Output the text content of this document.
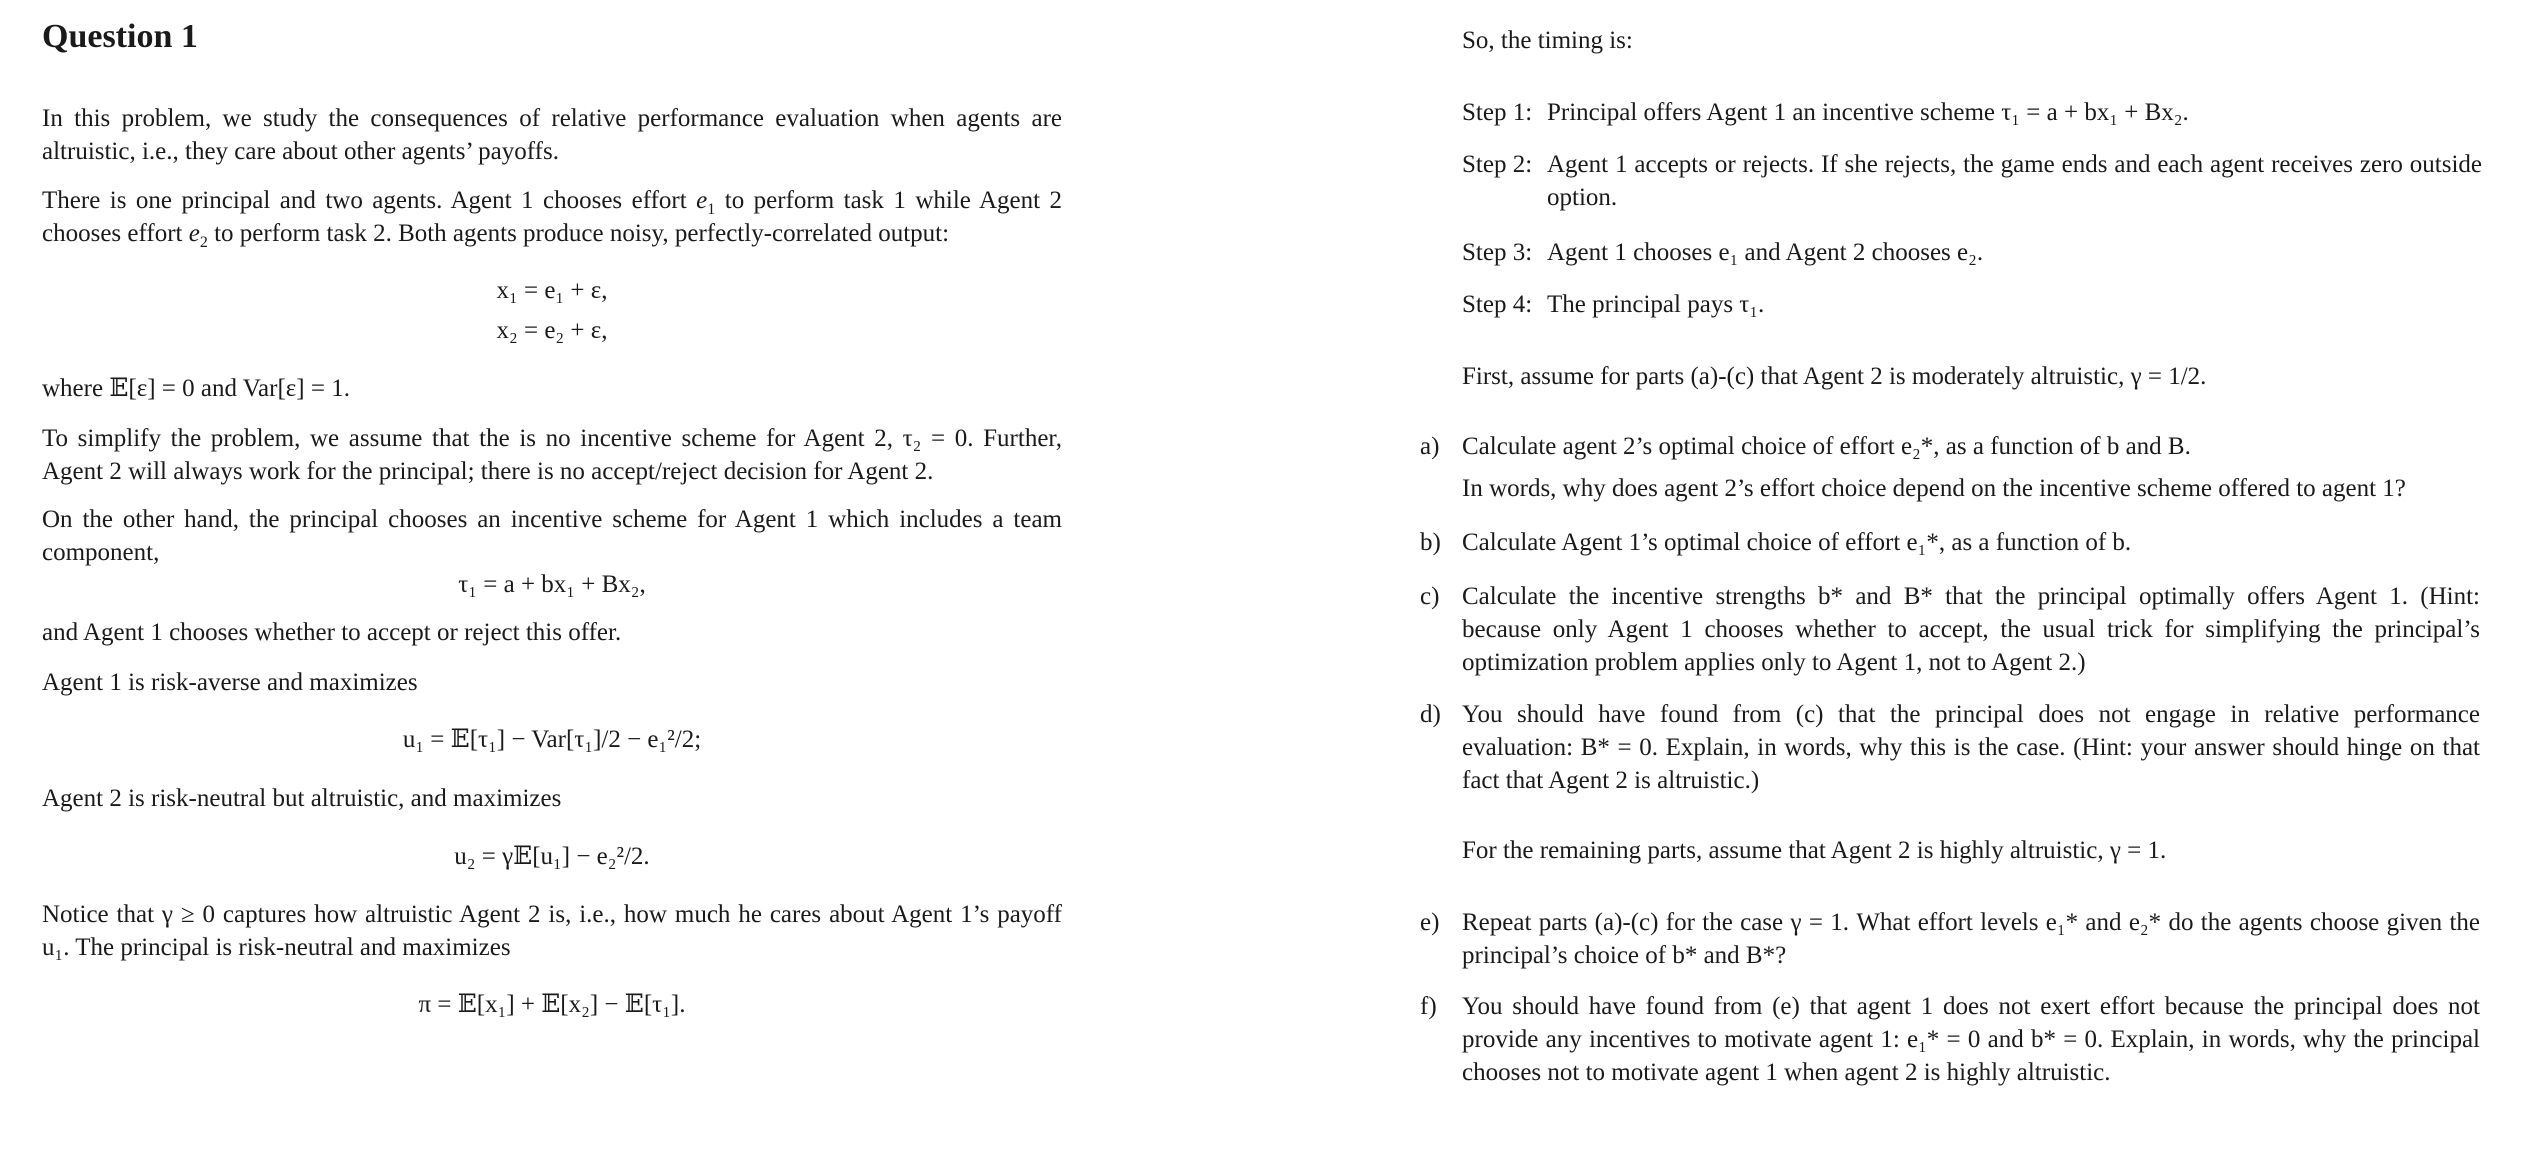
Question 1

In this problem, we study the consequences of relative performance evaluation when agents are altruistic, i.e., they care about other agents’ payoffs.

There is one principal and two agents. Agent 1 chooses effort $e_1$ to perform task 1 while Agent 2 chooses effort $e_2$ to perform task 2. Both agents produce noisy, perfectly-correlated output:

x₁ = e₁ + ε,

x₂ = e₂ + ε,

where 𝔼[ε] = 0 and Var[ε] = 1.

To simplify the problem, we assume that the is no incentive scheme for Agent 2, τ₂ = 0. Further, Agent 2 will always work for the principal; there is no accept/reject decision for Agent 2.

On the other hand, the principal chooses an incentive scheme for Agent 1 which includes a team component,

τ₁ = a + bx₁ + Bx₂,

and Agent 1 chooses whether to accept or reject this offer.

Agent 1 is risk-averse and maximizes

u₁ = 𝔼[τ₁] − Var[τ₁]/2 − e₁²/2;

Agent 2 is risk-neutral but altruistic, and maximizes

u₂ = γ𝔼[u₁] − e₂²/2.

Notice that γ ≥ 0 captures how altruistic Agent 2 is, i.e., how much he cares about Agent 1’s payoff u₁. The principal is risk-neutral and maximizes

π = 𝔼[x₁] + 𝔼[x₂] − 𝔼[τ₁].

So, the timing is:

Step 1: Principal offers Agent 1 an incentive scheme τ₁ = a + bx₁ + Bx₂.
Step 2: Agent 1 accepts or rejects. If she rejects, the game ends and each agent receives zero outside option.
Step 3: Agent 1 chooses e₁ and Agent 2 chooses e₂.
Step 4: The principal pays τ₁.

First, assume for parts (a)-(c) that Agent 2 is moderately altruistic, γ = 1/2.

a) Calculate agent 2’s optimal choice of effort e₂*, as a function of b and B.
In words, why does agent 2’s effort choice depend on the incentive scheme offered to agent 1?
b) Calculate Agent 1’s optimal choice of effort e₁*, as a function of b.
c) Calculate the incentive strengths b* and B* that the principal optimally offers Agent 1. (Hint: because only Agent 1 chooses whether to accept, the usual trick for simplifying the principal’s optimization problem applies only to Agent 1, not to Agent 2.)
d) You should have found from (c) that the principal does not engage in relative performance evaluation: B* = 0. Explain, in words, why this is the case. (Hint: your answer should hinge on that fact that Agent 2 is altruistic.)

For the remaining parts, assume that Agent 2 is highly altruistic, γ = 1.

e) Repeat parts (a)-(c) for the case γ = 1. What effort levels e₁* and e₂* do the agents choose given the principal’s choice of b* and B*?
f) You should have found from (e) that agent 1 does not exert effort because the principal does not provide any incentives to motivate agent 1: e₁* = 0 and b* = 0. Explain, in words, why the principal chooses not to motivate agent 1 when agent 2 is highly altruistic.
